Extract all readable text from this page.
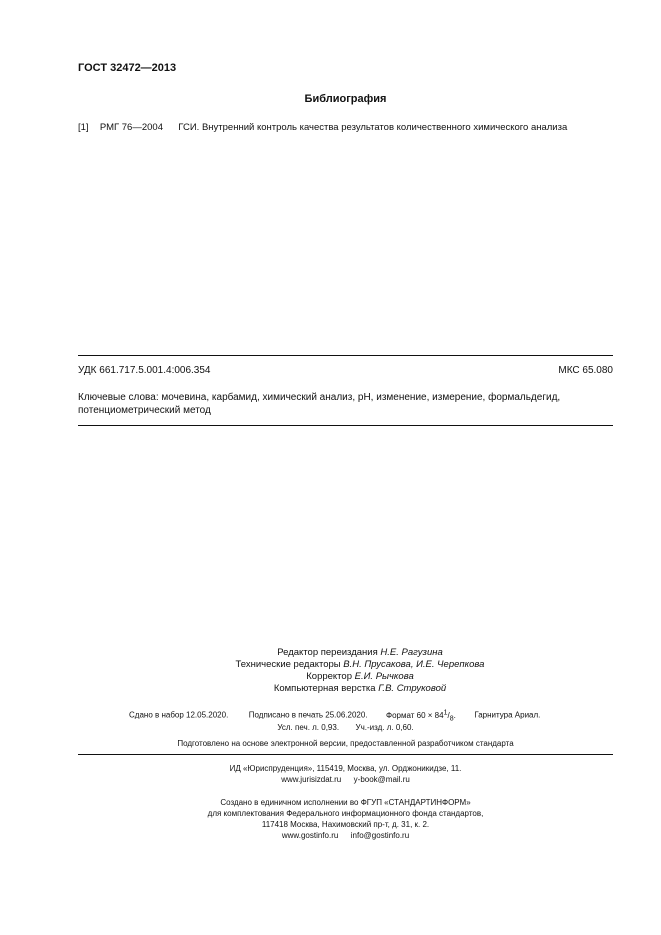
ГОСТ 32472—2013
Библиография
[1] РМГ 76—2004 ГСИ. Внутренний контроль качества результатов количественного химического анализа
УДК 661.717.5.001.4:006.354	МКС 65.080
Ключевые слова: мочевина, карбамид, химический анализ, pH, изменение, измерение, формальдегид, потенциометрический метод
Редактор переиздания Н.Е. Рагузина
Технические редакторы В.Н. Прусакова, И.Е. Черепкова
Корректор Е.И. Рычкова
Компьютерная верстка Г.В. Струковой
Сдано в набор 12.05.2020.	Подписано в печать 25.06.2020. Формат $60 \times 84^1/_8$. Гарнитура Ариал.
Усл. печ. л. 0,93. Уч.-изд. л. 0,60.
Подготовлено на основе электронной версии, предоставленной разработчиком стандарта
ИД «Юриспруденция», 115419, Москва, ул. Орджоникидзе, 11.
www.jurisizdat.ru y-book@mail.ru
Создано в единичном исполнении во ФГУП «СТАНДАРТИНФОРМ»
для комплектования Федерального информационного фонда стандартов,
117418 Москва, Нахимовский пр-т, д. 31, к. 2.
www.gostinfo.ru info@gostinfo.ru
